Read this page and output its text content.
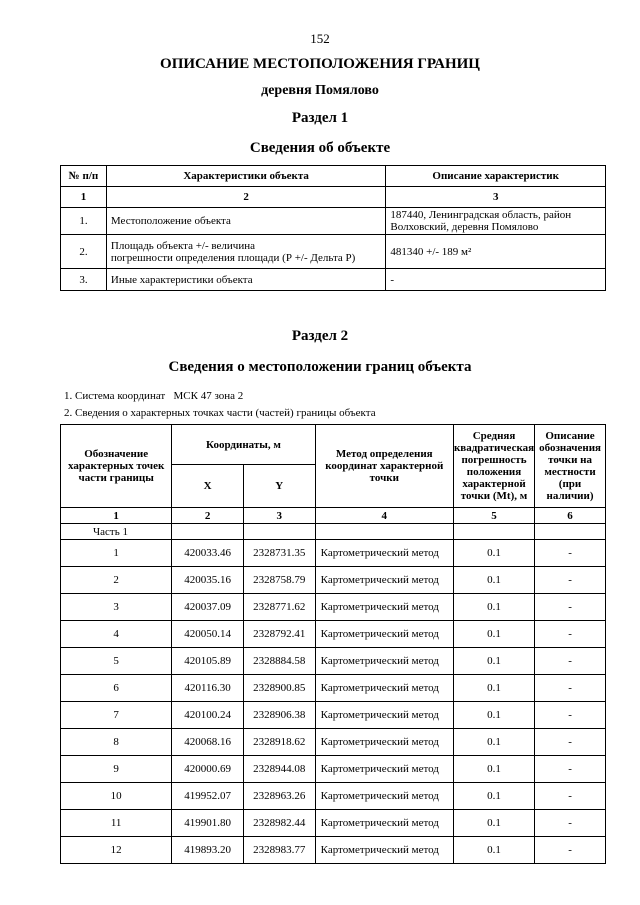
152
ОПИСАНИЕ МЕСТОПОЛОЖЕНИЯ ГРАНИЦ
деревня Помялово
Раздел 1
Сведения об объекте
№ п/п	Характеристики объекта	Описание характеристик
1	2	3
1.	Местоположение объекта	187440, Ленинградская область, район
Волховский, деревня Помялово
2.	Площадь объекта +/- величина
погрешности определения площади (Р +/- Дельта Р)	481340 +/- 189 м²
3.	Иные характеристики объекта	-
Раздел 2
Сведения о местоположении границ объекта
1. Система координат МСК 47 зона 2
2. Сведения о характерных точках части (частей) границы объекта
Обозначение характерных точек части границы	Координаты, м		Метод определения координат характерной точки	Средняя квадратическая погрешность положения характерной точки (Mt), м	Описание обозначения точки на местности (при наличии)
	X	Y			
1	2	3	4	5	6
Часть 1					
1	420033.46	2328731.35	Картометрический метод	0.1	-
2	420035.16	2328758.79	Картометрический метод	0.1	-
3	420037.09	2328771.62	Картометрический метод	0.1	-
4	420050.14	2328792.41	Картометрический метод	0.1	-
5	420105.89	2328884.58	Картометрический метод	0.1	-
6	420116.30	2328900.85	Картометрический метод	0.1	-
7	420100.24	2328906.38	Картометрический метод	0.1	-
8	420068.16	2328918.62	Картометрический метод	0.1	-
9	420000.69	2328944.08	Картометрический метод	0.1	-
10	419952.07	2328963.26	Картометрический метод	0.1	-
11	419901.80	2328982.44	Картометрический метод	0.1	-
12	419893.20	2328983.77	Картометрический метод	0.1	-
